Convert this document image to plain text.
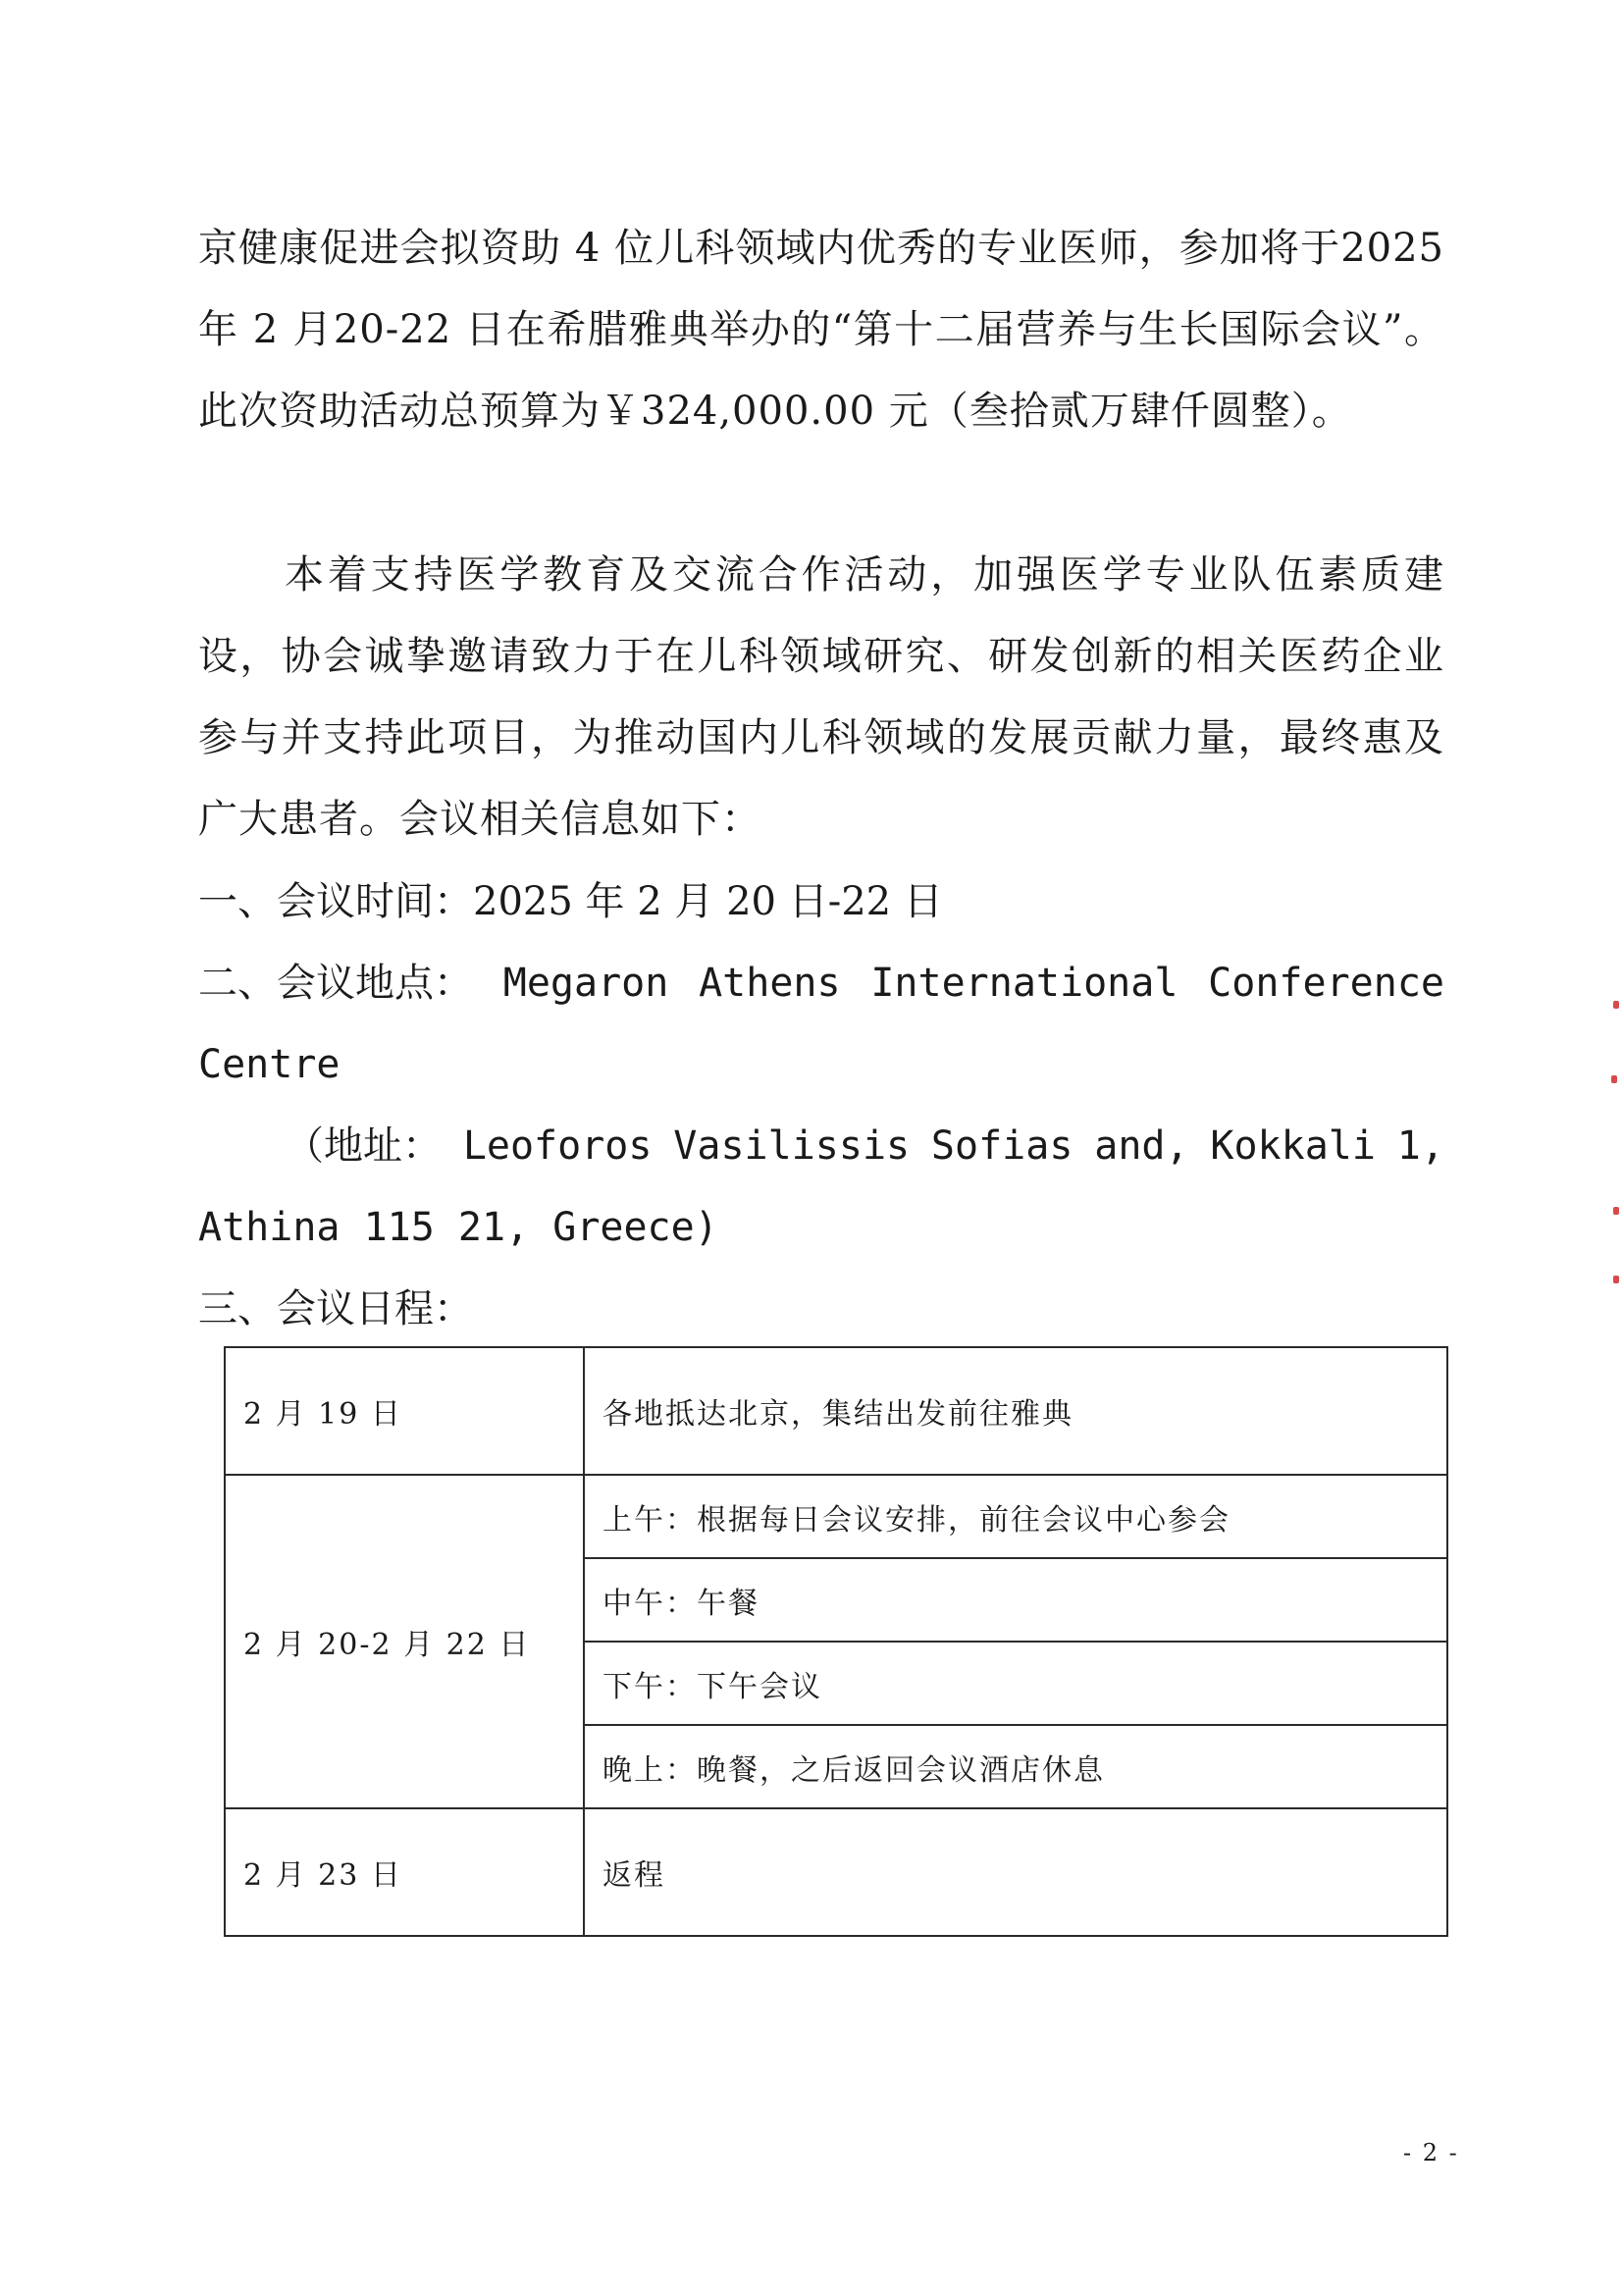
京健康促进会拟资助 4 位儿科领域内优秀的专业医师，参加将于2025 年 2 月20-22 日在希腊雅典举办的“第十二届营养与生长国际会议”。此次资助活动总预算为￥324,000.00 元（叁拾贰万肆仟圆整）。

本着支持医学教育及交流合作活动，加强医学专业队伍素质建设，协会诚挚邀请致力于在儿科领域研究、研发创新的相关医药企业参与并支持此项目，为推动国内儿科领域的发展贡献力量，最终惠及广大患者。会议相关信息如下：

一、会议时间：2025 年 2 月 20 日-22 日

二、会议地点： Megaron Athens International Conference

Centre

（地址： Leoforos Vasilissis Sofias and, Kokkali 1,

Athina 115 21, Greece)

三、会议日程：

2 月 19 日	各地抵达北京，集结出发前往雅典
2 月 20-2 月 22 日	上午：根据每日会议安排，前往会议中心参会
	中午：午餐
	下午：下午会议
	晚上：晚餐，之后返回会议酒店休息
2 月 23 日	返程
- 2 -
